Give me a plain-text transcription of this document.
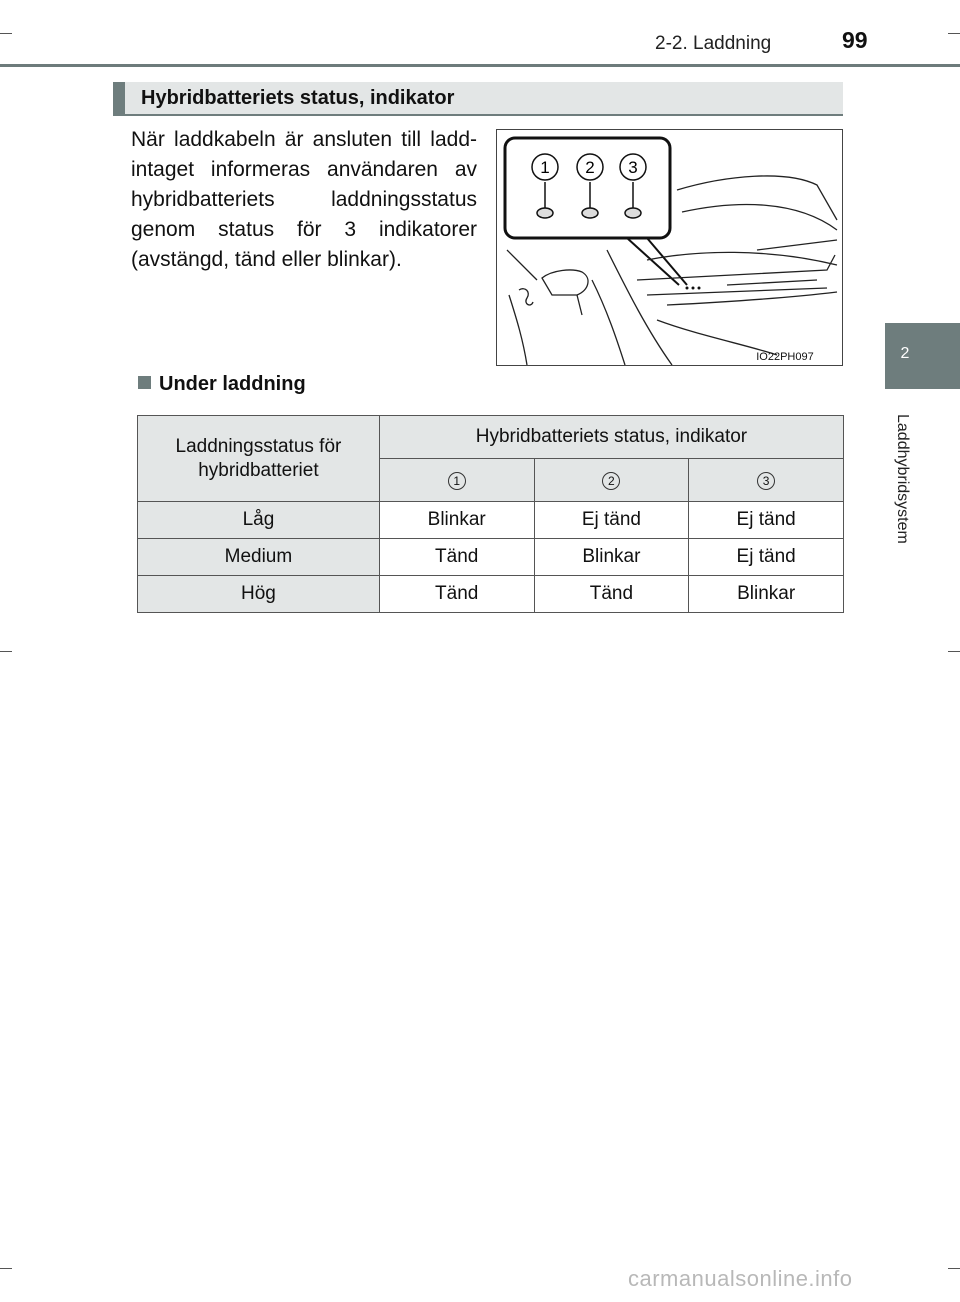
2-2. Laddning	99
2
Laddhybridsystem
Hybridbatteriets status, indikator
När laddkabeln är ansluten till ladd-intaget informeras användaren av hybridbatteriets laddningsstatus genom status för 3 indikatorer (avstängd, tänd eller blinkar).
1 2 3
IO22PH097
Under laddning
Laddningsstatus för hybridbatteriet	Hybridbatteriets status, indikator		
	1	2	3
Låg	Blinkar	Ej tänd	Ej tänd
Medium	Tänd	Blinkar	Ej tänd
Hög	Tänd	Tänd	Blinkar
carmanualsonline.info
